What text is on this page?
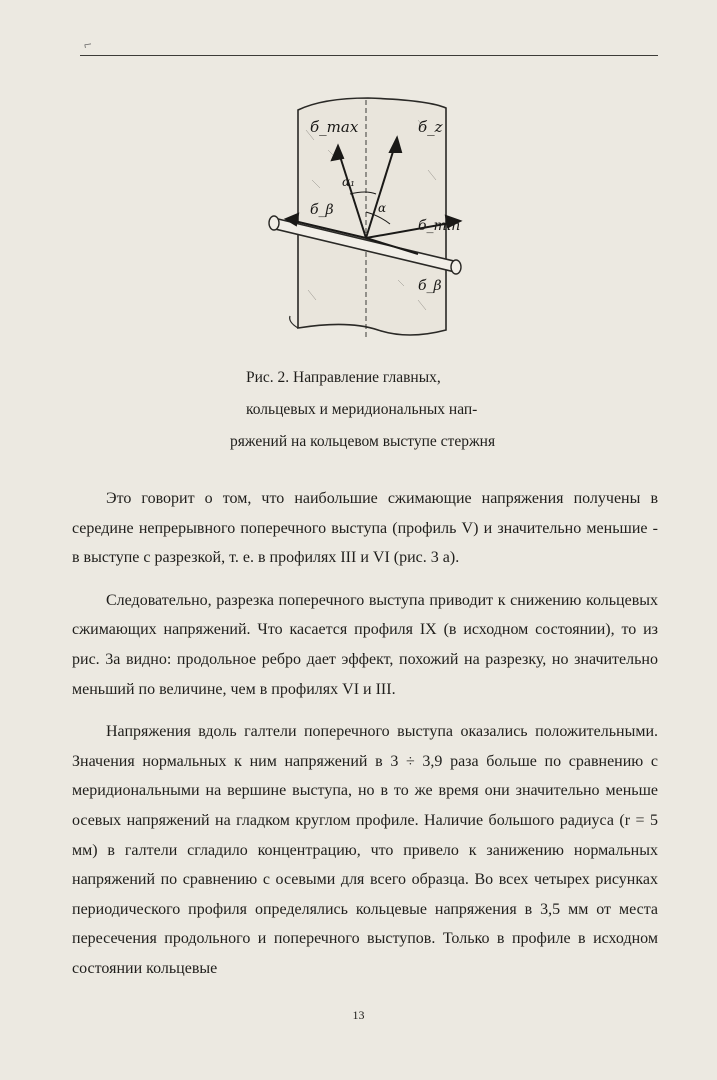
⌐
б_max	б_z
α₁
α
б_β
б_min
б_β
Рис. 2. Направление главных,
кольцевых и меридиональных нап-
ряжений на кольцевом выступе стержня

Это говорит о том, что наибольшие сжимающие напряжения получены в середине непрерывного поперечного выступа (профиль V) и значительно меньшие - в выступе с разрезкой, т. е. в профилях III и VI (рис. 3 а).

Следовательно, разрезка поперечного выступа приводит к снижению кольцевых сжимающих напряжений. Что касается профиля IX (в исходном состоянии), то из рис. 3а видно: продольное ребро дает эффект, похожий на разрезку, но значительно меньший по величине, чем в профилях VI и III.

Напряжения вдоль галтели поперечного выступа оказались положительными. Значения нормальных к ним напряжений в 3 ÷ 3,9 раза больше по сравнению с меридиональными на вершине выступа, но в то же время они значительно меньше осевых напряжений на гладком круглом профиле. Наличие большого радиуса (r = 5 мм) в галтели сгладило концентрацию, что привело к занижению нормальных напряжений по сравнению с осевыми для всего образца. Во всех четырех рисунках периодического профиля определялись кольцевые напряжения в 3,5 мм от места пересечения продольного и поперечного выступов. Только в профиле в исходном состоянии кольцевые

13
